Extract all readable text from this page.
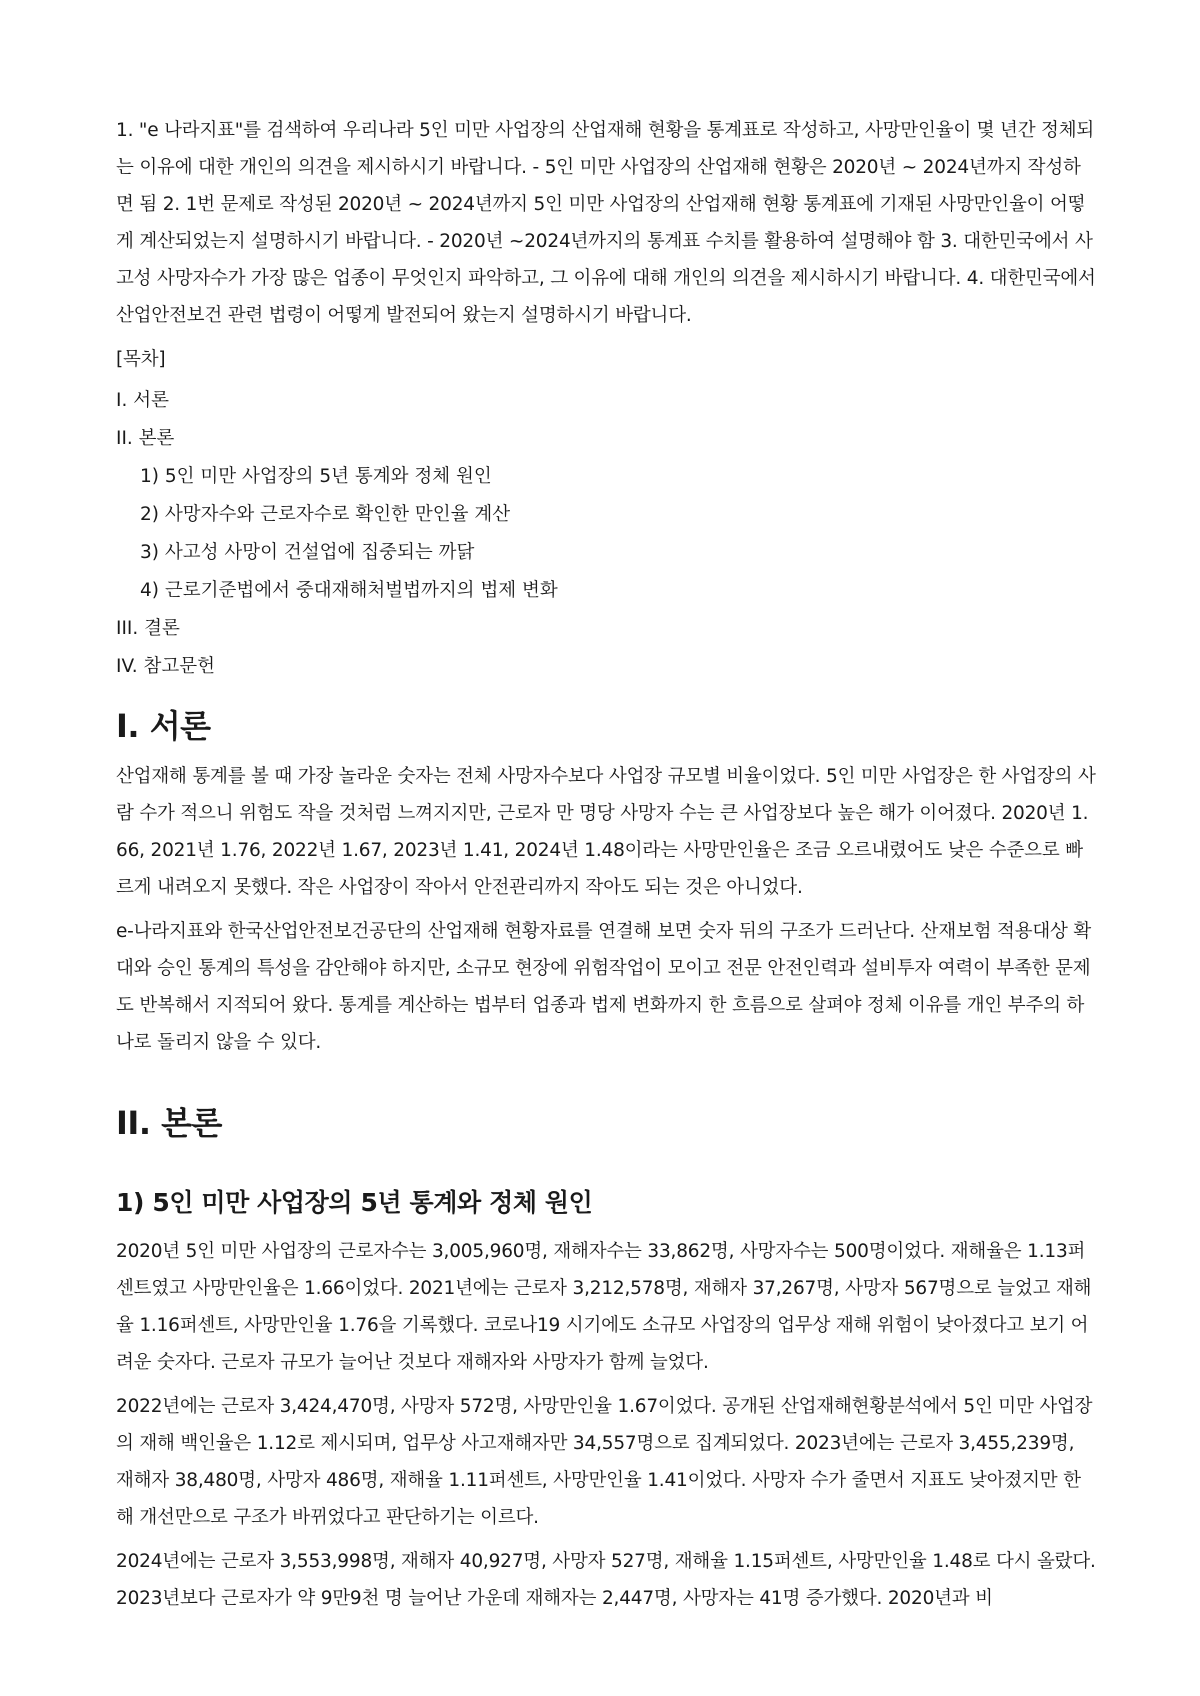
1. "e 나라지표"를 검색하여 우리나라 5인 미만 사업장의 산업재해 현황을 통계표로 작성하고, 사망만인율이 몇 년간 정체되는 이유에 대한 개인의 의견을 제시하시기 바랍니다. - 5인 미만 사업장의 산업재해 현황은 2020년 ~ 2024년까지 작성하면 됨 2. 1번 문제로 작성된 2020년 ~ 2024년까지 5인 미만 사업장의 산업재해 현황 통계표에 기재된 사망만인율이 어떻게 계산되었는지 설명하시기 바랍니다. - 2020년 ~2024년까지의 통계표 수치를 활용하여 설명해야 함 3. 대한민국에서 사고성 사망자수가 가장 많은 업종이 무엇인지 파악하고, 그 이유에 대해 개인의 의견을 제시하시기 바랍니다. 4. 대한민국에서 산업안전보건 관련 법령이 어떻게 발전되어 왔는지 설명하시기 바랍니다.

[목차]

I. 서론
II. 본론
1) 5인 미만 사업장의 5년 통계와 정체 원인
2) 사망자수와 근로자수로 확인한 만인율 계산
3) 사고성 사망이 건설업에 집중되는 까닭
4) 근로기준법에서 중대재해처벌법까지의 법제 변화
III. 결론
IV. 참고문헌
I. 서론

산업재해 통계를 볼 때 가장 놀라운 숫자는 전체 사망자수보다 사업장 규모별 비율이었다. 5인 미만 사업장은 한 사업장의 사람 수가 적으니 위험도 작을 것처럼 느껴지지만, 근로자 만 명당 사망자 수는 큰 사업장보다 높은 해가 이어졌다. 2020년 1.66, 2021년 1.76, 2022년 1.67, 2023년 1.41, 2024년 1.48이라는 사망만인율은 조금 오르내렸어도 낮은 수준으로 빠르게 내려오지 못했다. 작은 사업장이 작아서 안전관리까지 작아도 되는 것은 아니었다.

e-나라지표와 한국산업안전보건공단의 산업재해 현황자료를 연결해 보면 숫자 뒤의 구조가 드러난다. 산재보험 적용대상 확대와 승인 통계의 특성을 감안해야 하지만, 소규모 현장에 위험작업이 모이고 전문 안전인력과 설비투자 여력이 부족한 문제도 반복해서 지적되어 왔다. 통계를 계산하는 법부터 업종과 법제 변화까지 한 흐름으로 살펴야 정체 이유를 개인 부주의 하나로 돌리지 않을 수 있다.

II. 본론
1) 5인 미만 사업장의 5년 통계와 정체 원인

2020년 5인 미만 사업장의 근로자수는 3,005,960명, 재해자수는 33,862명, 사망자수는 500명이었다. 재해율은 1.13퍼센트였고 사망만인율은 1.66이었다. 2021년에는 근로자 3,212,578명, 재해자 37,267명, 사망자 567명으로 늘었고 재해율 1.16퍼센트, 사망만인율 1.76을 기록했다. 코로나19 시기에도 소규모 사업장의 업무상 재해 위험이 낮아졌다고 보기 어려운 숫자다. 근로자 규모가 늘어난 것보다 재해자와 사망자가 함께 늘었다.

2022년에는 근로자 3,424,470명, 사망자 572명, 사망만인율 1.67이었다. 공개된 산업재해현황분석에서 5인 미만 사업장의 재해 백인율은 1.12로 제시되며, 업무상 사고재해자만 34,557명으로 집계되었다. 2023년에는 근로자 3,455,239명, 재해자 38,480명, 사망자 486명, 재해율 1.11퍼센트, 사망만인율 1.41이었다. 사망자 수가 줄면서 지표도 낮아졌지만 한 해 개선만으로 구조가 바뀌었다고 판단하기는 이르다.

2024년에는 근로자 3,553,998명, 재해자 40,927명, 사망자 527명, 재해율 1.15퍼센트, 사망만인율 1.48로 다시 올랐다. 2023년보다 근로자가 약 9만9천 명 늘어난 가운데 재해자는 2,447명, 사망자는 41명 증가했다. 2020년과 비
